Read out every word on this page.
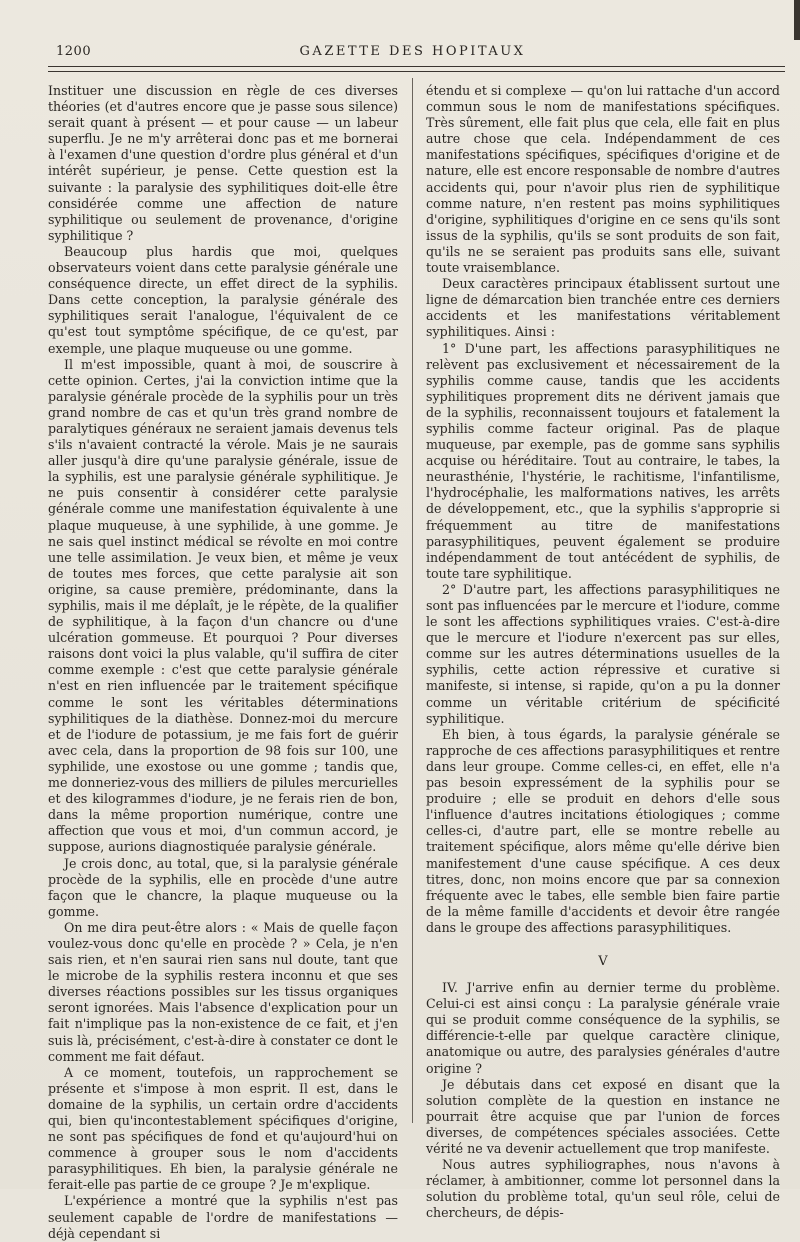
1200	GAZETTE DES HOPITAUX

Instituer une discussion en règle de ces diverses théories (et d'autres encore que je passe sous silence) serait quant à présent — et pour cause — un labeur superflu. Je ne m'y arrêterai donc pas et me bornerai à l'examen d'une question d'ordre plus général et d'un intérêt supérieur, je pense. Cette question est la suivante : la paralysie des syphilitiques doit-elle être considérée comme une affection de nature syphilitique ou seulement de provenance, d'origine syphilitique ?

Beaucoup plus hardis que moi, quelques observateurs voient dans cette paralysie générale une conséquence directe, un effet direct de la syphilis. Dans cette conception, la paralysie générale des syphilitiques serait l'analogue, l'équivalent de ce qu'est tout symptôme spécifique, de ce qu'est, par exemple, une plaque muqueuse ou une gomme.

Il m'est impossible, quant à moi, de souscrire à cette opinion. Certes, j'ai la conviction intime que la paralysie générale procède de la syphilis pour un très grand nombre de cas et qu'un très grand nombre de paralytiques généraux ne seraient jamais devenus tels s'ils n'avaient contracté la vérole. Mais je ne saurais aller jusqu'à dire qu'une paralysie générale, issue de la syphilis, est une paralysie générale syphilitique. Je ne puis consentir à considérer cette paralysie générale comme une manifestation équivalente à une plaque muqueuse, à une syphilide, à une gomme. Je ne sais quel instinct médical se révolte en moi contre une telle assimilation. Je veux bien, et même je veux de toutes mes forces, que cette paralysie ait son origine, sa cause première, prédominante, dans la syphilis, mais il me déplaît, je le répète, de la qualifier de syphilitique, à la façon d'un chancre ou d'une ulcération gommeuse. Et pourquoi ? Pour diverses raisons dont voici la plus valable, qu'il suffira de citer comme exemple : c'est que cette paralysie générale n'est en rien influencée par le traitement spécifique comme le sont les véritables déterminations syphilitiques de la diathèse. Donnez-moi du mercure et de l'iodure de potassium, je me fais fort de guérir avec cela, dans la proportion de 98 fois sur 100, une syphilide, une exostose ou une gomme ; tandis que, me donneriez-vous des milliers de pilules mercurielles et des kilogrammes d'iodure, je ne ferais rien de bon, dans la même proportion numérique, contre une affection que vous et moi, d'un commun accord, je suppose, aurions diagnostiquée paralysie générale.

Je crois donc, au total, que, si la paralysie générale procède de la syphilis, elle en procède d'une autre façon que le chancre, la plaque muqueuse ou la gomme.

On me dira peut-être alors : « Mais de quelle façon voulez-vous donc qu'elle en procède ? » Cela, je n'en sais rien, et n'en saurai rien sans nul doute, tant que le microbe de la syphilis restera inconnu et que ses diverses réactions possibles sur les tissus organiques seront ignorées. Mais l'absence d'explication pour un fait n'implique pas la non-existence de ce fait, et j'en suis là, précisément, c'est-à-dire à constater ce dont le comment me fait défaut.

A ce moment, toutefois, un rapprochement se présente et s'impose à mon esprit. Il est, dans le domaine de la syphilis, un certain ordre d'accidents qui, bien qu'incontestablement spécifiques d'origine, ne sont pas spécifiques de fond et qu'aujourd'hui on commence à grouper sous le nom d'accidents parasyphilitiques. Eh bien, la paralysie générale ne ferait-elle pas partie de ce groupe ? Je m'explique.

L'expérience a montré que la syphilis n'est pas seulement capable de l'ordre de manifestations — déjà cependant si

étendu et si complexe — qu'on lui rattache d'un accord commun sous le nom de manifestations spécifiques. Très sûrement, elle fait plus que cela, elle fait en plus autre chose que cela. Indépendamment de ces manifestations spécifiques, spécifiques d'origine et de nature, elle est encore responsable de nombre d'autres accidents qui, pour n'avoir plus rien de syphilitique comme nature, n'en restent pas moins syphilitiques d'origine, syphilitiques d'origine en ce sens qu'ils sont issus de la syphilis, qu'ils se sont produits de son fait, qu'ils ne se seraient pas produits sans elle, suivant toute vraisemblance.

Deux caractères principaux établissent surtout une ligne de démarcation bien tranchée entre ces derniers accidents et les manifestations véritablement syphilitiques. Ainsi :

1° D'une part, les affections parasyphilitiques ne relèvent pas exclusivement et nécessairement de la syphilis comme cause, tandis que les accidents syphilitiques proprement dits ne dérivent jamais que de la syphilis, reconnaissent toujours et fatalement la syphilis comme facteur original. Pas de plaque muqueuse, par exemple, pas de gomme sans syphilis acquise ou héréditaire. Tout au contraire, le tabes, la neurasthénie, l'hystérie, le rachitisme, l'infantilisme, l'hydrocéphalie, les malformations natives, les arrêts de développement, etc., que la syphilis s'approprie si fréquemment au titre de manifestations parasyphilitiques, peuvent également se produire indépendamment de tout antécédent de syphilis, de toute tare syphilitique.

2° D'autre part, les affections parasyphilitiques ne sont pas influencées par le mercure et l'iodure, comme le sont les affections syphilitiques vraies. C'est-à-dire que le mercure et l'iodure n'exercent pas sur elles, comme sur les autres déterminations usuelles de la syphilis, cette action répressive et curative si manifeste, si intense, si rapide, qu'on a pu la donner comme un véritable critérium de spécificité syphilitique.

Eh bien, à tous égards, la paralysie générale se rapproche de ces affections parasyphilitiques et rentre dans leur groupe. Comme celles-ci, en effet, elle n'a pas besoin expressément de la syphilis pour se produire ; elle se produit en dehors d'elle sous l'influence d'autres incitations étiologiques ; comme celles-ci, d'autre part, elle se montre rebelle au traitement spécifique, alors même qu'elle dérive bien manifestement d'une cause spécifique. A ces deux titres, donc, non moins encore que par sa connexion fréquente avec le tabes, elle semble bien faire partie de la même famille d'accidents et devoir être rangée dans le groupe des affections parasyphilitiques.

V

IV. J'arrive enfin au dernier terme du problème. Celui-ci est ainsi conçu : La paralysie générale vraie qui se produit comme conséquence de la syphilis, se différencie-t-elle par quelque caractère clinique, anatomique ou autre, des paralysies générales d'autre origine ?

Je débutais dans cet exposé en disant que la solution complète de la question en instance ne pourrait être acquise que par l'union de forces diverses, de compétences spéciales associées. Cette vérité ne va devenir actuellement que trop manifeste.

Nous autres syphiliographes, nous n'avons à réclamer, à ambitionner, comme lot personnel dans la solution du problème total, qu'un seul rôle, celui de chercheurs, de dépis-
